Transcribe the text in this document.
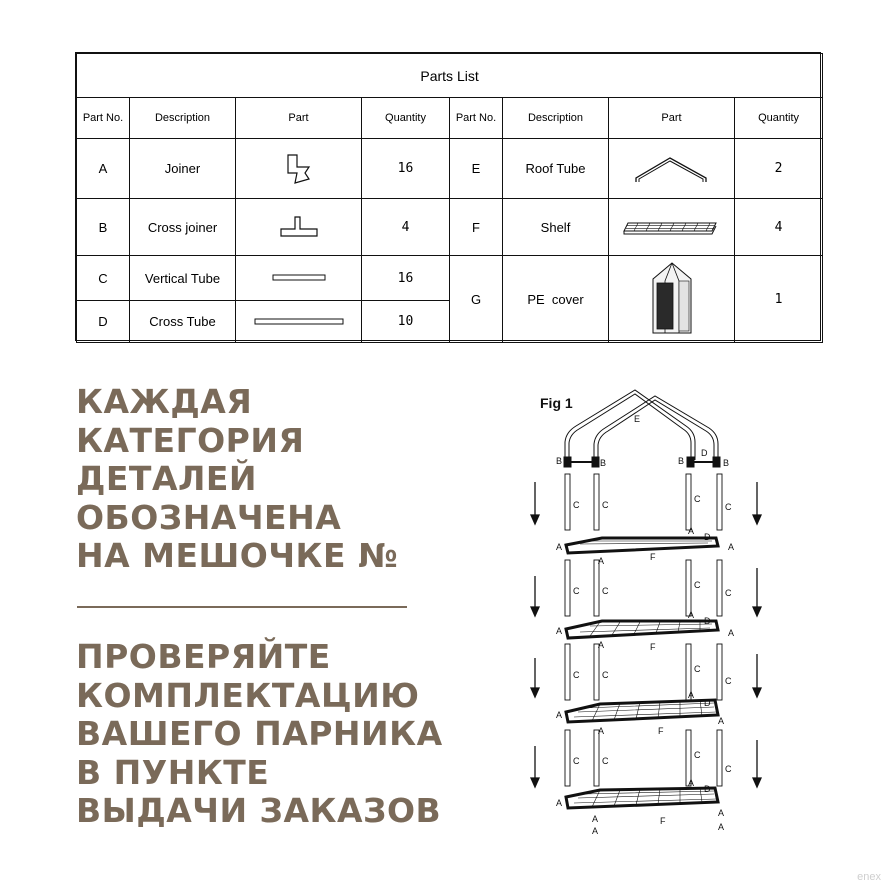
Parts List							
Part No.	Description	Part	Quantity	Part No.	Description	Part	Quantity
A	Joiner		16	E	Roof Tube		2
B	Cross joiner		4	F	Shelf		4
C	Vertical Tube		16	G	PE  cover		1
D	Cross Tube		10				
КАЖДАЯ
КАТЕГОРИЯ
ДЕТАЛЕЙ
ОБОЗНАЧЕНА
НА МЕШОЧКЕ №
ПРОВЕРЯЙТЕ
КОМПЛЕКТАЦИЮ
ВАШЕГО ПАРНИКА
В ПУНКТЕ
ВЫДАЧИ ЗАКАЗОВ
Fig 1
E
B	B	B	B
D
C	C
C
C
C	C
C
C
C	C
C
C
C	C
C
C
A
A
A
A
D
F
A
A
A
A
D
F
A
A
A
A
D
F
A
A
A
A
D
F
A	A
enex
